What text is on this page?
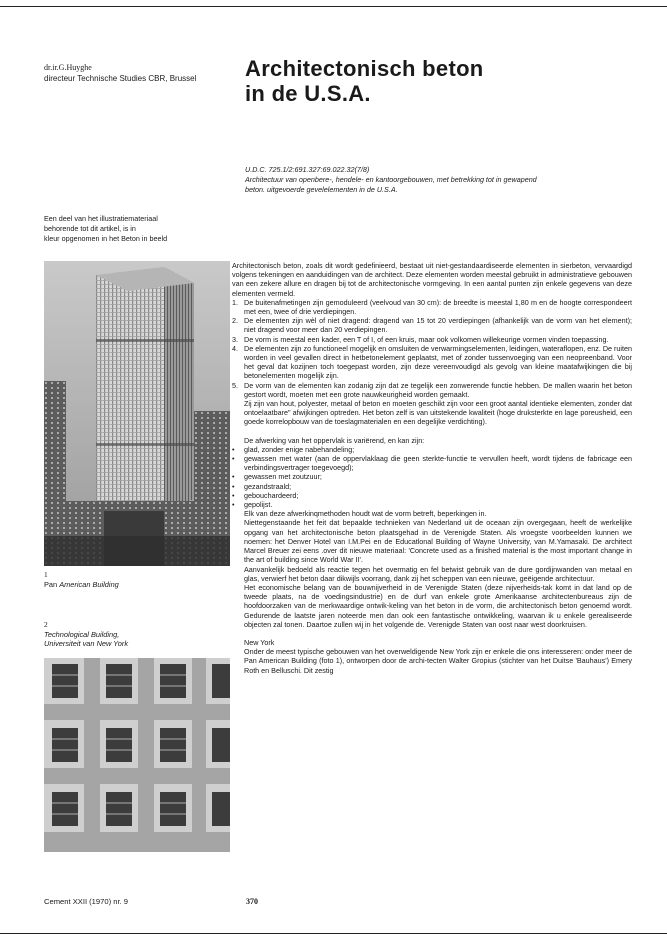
dr.ir.G.Huyghe
directeur Technische Studies CBR, Brussel Architectonisch beton
in de U.S.A.
U.D.C. 725.1/2:691.327:69.022.32(7/8)
Architectuur van openbere-, hendele- en kantoorgebouwen, met betrekking tot in gewapend
beton. uitgevoerde gevelelementen in de U.S.A.
Een deel van het illustratiemateriaal
behorende tot dit artikel, is in
kleur opgenomen in het Beton in beeld
1
Pan American Building
2
Technological Building,
Universiteit van New York

Architectonisch beton, zoals dit wordt gedefinieerd, bestaat uit niet-gestandaardiseerde elementen in sierbeton, vervaardigd volgens tekeningen en aanduidingen van de architect. Deze elementen worden meestal gebruikt in administratieve gebouwen van een zekere allure en dragen bij tot de architectonische vormgeving. In een aantal punten zijn enkele gegevens van deze elementen vermeld.

1. De buitenafmetingen zijn gemoduleerd (veelvoud van 30 cm): de breedte is meestal 1,80 m en de hoogte correspondeert met een, twee of drie verdiepingen.
2. De elementen zijn wèl of niet dragend: dragend van 15 tot 20 verdiepingen (afhankelijk van de vorm van het element); niet dragend voor meer dan 20 verdiepingen.
3. De vorm is meestal een kader, een T of I, of een kruis, maar ook volkomen willekeurige vormen vinden toepassing.
4. De elementen zijn zo functioneel mogelijk en omsluiten de verwarmingselementen, leidingen, waterafl​open, enz. De ruiten worden in veel gevallen direct in hetbetonelement geplaatst, met of zonder tussenvoeging van een neopreenband. Voor het geval dat kozijnen toch toegepast worden, zijn deze vereenvoudigd als gevolg van kleine maatafwijkingen die bij betonelementen mogelijk zijn.
5. De vorm van de elementen kan zodanig zijn dat ze tegelijk een zonwerende functie hebben. De mallen waarin het beton gestort wordt, moeten met een grote nauwkeurigheid worden gemaakt.

Zij zijn van hout, polyester, metaal of beton en moeten geschikt zijn voor een groot aantal identieke elementen, zonder dat ontoelaatbare" afwijkingen optreden. Het beton zelf is van uitstekende kwaliteit (hoge druksterkte en lage poreusheid, een goede korrelopbouw van de toeslagmaterialen en een degelijke verdichting).

De afwerking van het oppervlak is variërend, en kan zijn:

• glad, zonder enige nabehandeling;
• gewassen met water (aan de oppervlaklaag die geen sterkte-functie te vervullen heeft, wordt tijdens de fabricage een verbindingsvertrager toegevoegd);
• gewassen met zoutzuur;
• gezandstraald;
• gebouchardeerd;
• gepolijst.

Elk van deze afwerkinqmethoden houdt wat de vorm betreft, beperkingen in.

Niettegenstaande het feit dat bepaalde technieken van Nederland uit de oceaan zijn overgegaan, heeft de werkelijke opgang van het architectonische beton plaatsgehad in de Verenigde Staten. Als vroegste voorbeelden kunnen we noemen: het Denver Hotel van I.M.Pei en de Educatlonal Building of Wayne University, van M.Yamasaki. De architect Marcel Breuer zei eens .over dit nieuwe materiaal: 'Concrete used as a finished material is the most important change in the art of building since World War II'.

Aanvankelijk bedoeld als reactie tegen het overmatig en fel betwist gebruik van de dure gordijnwanden van metaal en glas, verwierf het beton daar dikwijls voorrang, dank zij het scheppen van een nieuwe, geëigende architectuur.

Het economische belang van de bouwnijverheid in de Verenigde Staten (deze nijverheids-tak komt in dat land op de tweede plaats, na de voedingsindustrie) en de durf van enkele grote Amerikaanse architectenbureaus zijn de hoofdoorzaken van de merkwaardige ontwik-keling van het beton in de vorm, die architectonisch beton genoemd wordt. Gedurende de laatste jaren noteerde men dan ook een fantastische ontwikkeling, waarvan ik u enkele gerealiseerde objecten zal tonen. Daartoe zullen wij in het volgende de. Verenigde Staten van oost naar west doorkruisen.

New York

Onder de meest typische gebouwen van het overweldigende New York zijn er enkele die ons interesseren: onder meer de Pan American Building (foto 1), ontworpen door de archi-tecten Walter Gropius (stichter van het Duitse 'Bauhaus') Emery Roth en Belluschi. Dit zestig

Cement XXII (1970) nr. 9	370
